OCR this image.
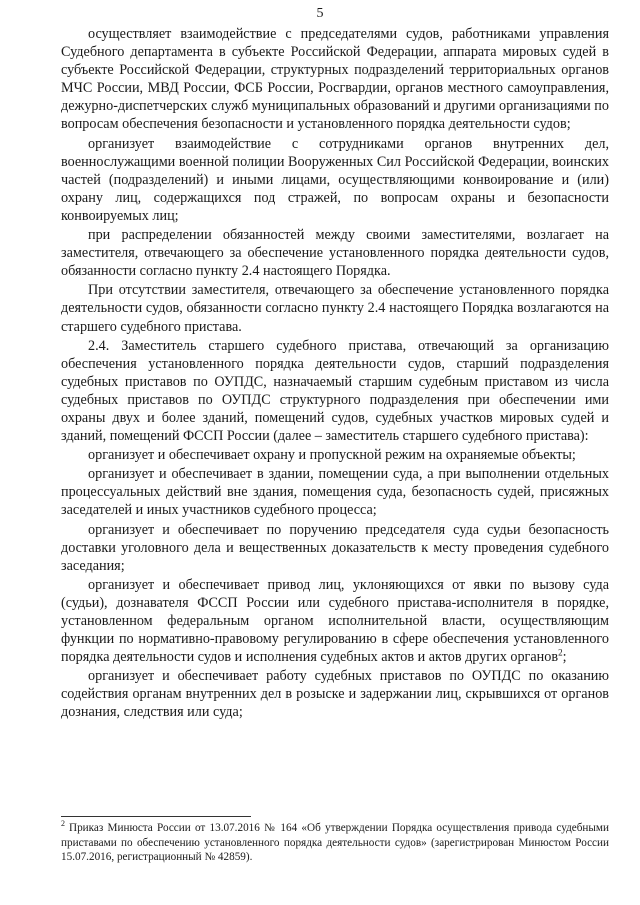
5

осуществляет взаимодействие с председателями судов, работниками управления Судебного департамента в субъекте Российской Федерации, аппарата мировых судей в субъекте Российской Федерации, структурных подразделений территориальных органов МЧС России, МВД России, ФСБ России, Росгвардии, органов местного самоуправления, дежурно-диспетчерских служб муниципальных образований и другими организациями по вопросам обеспечения безопасности и установленного порядка деятельности судов;

организует взаимодействие с сотрудниками органов внутренних дел, военнослужащими военной полиции Вооруженных Сил Российской Федерации, воинских частей (подразделений) и иными лицами, осуществляющими конвоирование и (или) охрану лиц, содержащихся под стражей, по вопросам охраны и безопасности конвоируемых лиц;

при распределении обязанностей между своими заместителями, возлагает на заместителя, отвечающего за обеспечение установленного порядка деятельности судов, обязанности согласно пункту 2.4 настоящего Порядка.

При отсутствии заместителя, отвечающего за обеспечение установленного порядка деятельности судов, обязанности согласно пункту 2.4 настоящего Порядка возлагаются на старшего судебного пристава.

2.4. Заместитель старшего судебного пристава, отвечающий за организацию обеспечения установленного порядка деятельности судов, старший подразделения судебных приставов по ОУПДС, назначаемый старшим судебным приставом из числа судебных приставов по ОУПДС структурного подразделения при обеспечении ими охраны двух и более зданий, помещений судов, судебных участков мировых судей и зданий, помещений ФССП России (далее – заместитель старшего судебного пристава):

организует и обеспечивает охрану и пропускной режим на охраняемые объекты;

организует и обеспечивает в здании, помещении суда, а при выполнении отдельных процессуальных действий вне здания, помещения суда, безопасность судей, присяжных заседателей и иных участников судебного процесса;

организует и обеспечивает по поручению председателя суда судьи безопасность доставки уголовного дела и вещественных доказательств к месту проведения судебного заседания;

организует и обеспечивает привод лиц, уклоняющихся от явки по вызову суда (судьи), дознавателя ФССП России или судебного пристава-исполнителя в порядке, установленном федеральным органом исполнительной власти, осуществляющим функции по нормативно-правовому регулированию в сфере обеспечения установленного порядка деятельности судов и исполнения судебных актов и актов других органов$^2$;

организует и обеспечивает работу судебных приставов по ОУПДС по оказанию содействия органам внутренних дел в розыске и задержании лиц, скрывшихся от органов дознания, следствия или суда;

$^2$ Приказ Минюста России от 13.07.2016 № 164 «Об утверждении Порядка осуществления привода судебными приставами по обеспечению установленного порядка деятельности судов» (зарегистрирован Минюстом России 15.07.2016, регистрационный № 42859).
